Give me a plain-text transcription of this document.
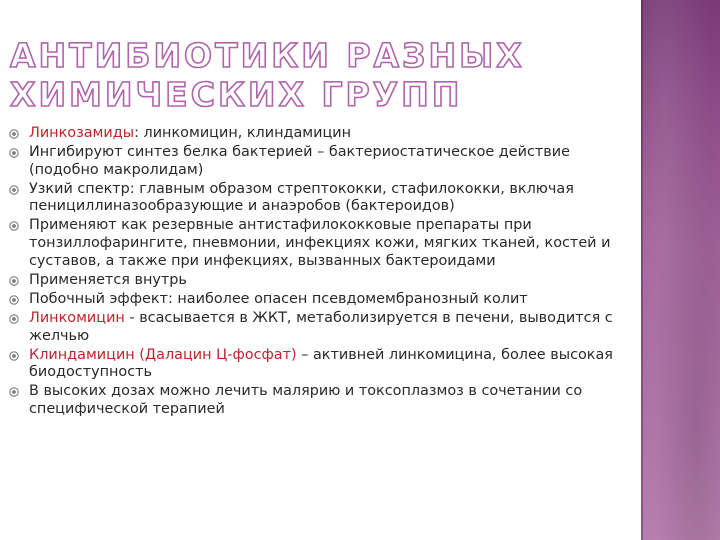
АНТИБИОТИКИ РАЗНЫХ ХИМИЧЕСКИХ ГРУПП
Линкозамиды: линкомицин, клиндамицин
Ингибируют синтез белка бактерией – бактериостатическое действие (подобно макролидам)
Узкий спектр: главным образом стрептококки, стафилококки, включая пенициллиназообразующие и анаэробов (бактероидов)
Применяют как резервные антистафилококковые препараты при тонзиллофарингите, пневмонии, инфекциях кожи, мягких тканей, костей и суставов, а также при инфекциях, вызванных бактероидами
Применяется внутрь
Побочный эффект: наиболее опасен псевдомембранозный колит
Линкомицин - всасывается в ЖКТ, метаболизируется в печени, выводится с желчью
Клиндамицин (Далацин Ц-фосфат) – активней линкомицина, более высокая биодоступность
В высоких дозах можно лечить малярию и токсоплазмоз в сочетании со специфической терапией
